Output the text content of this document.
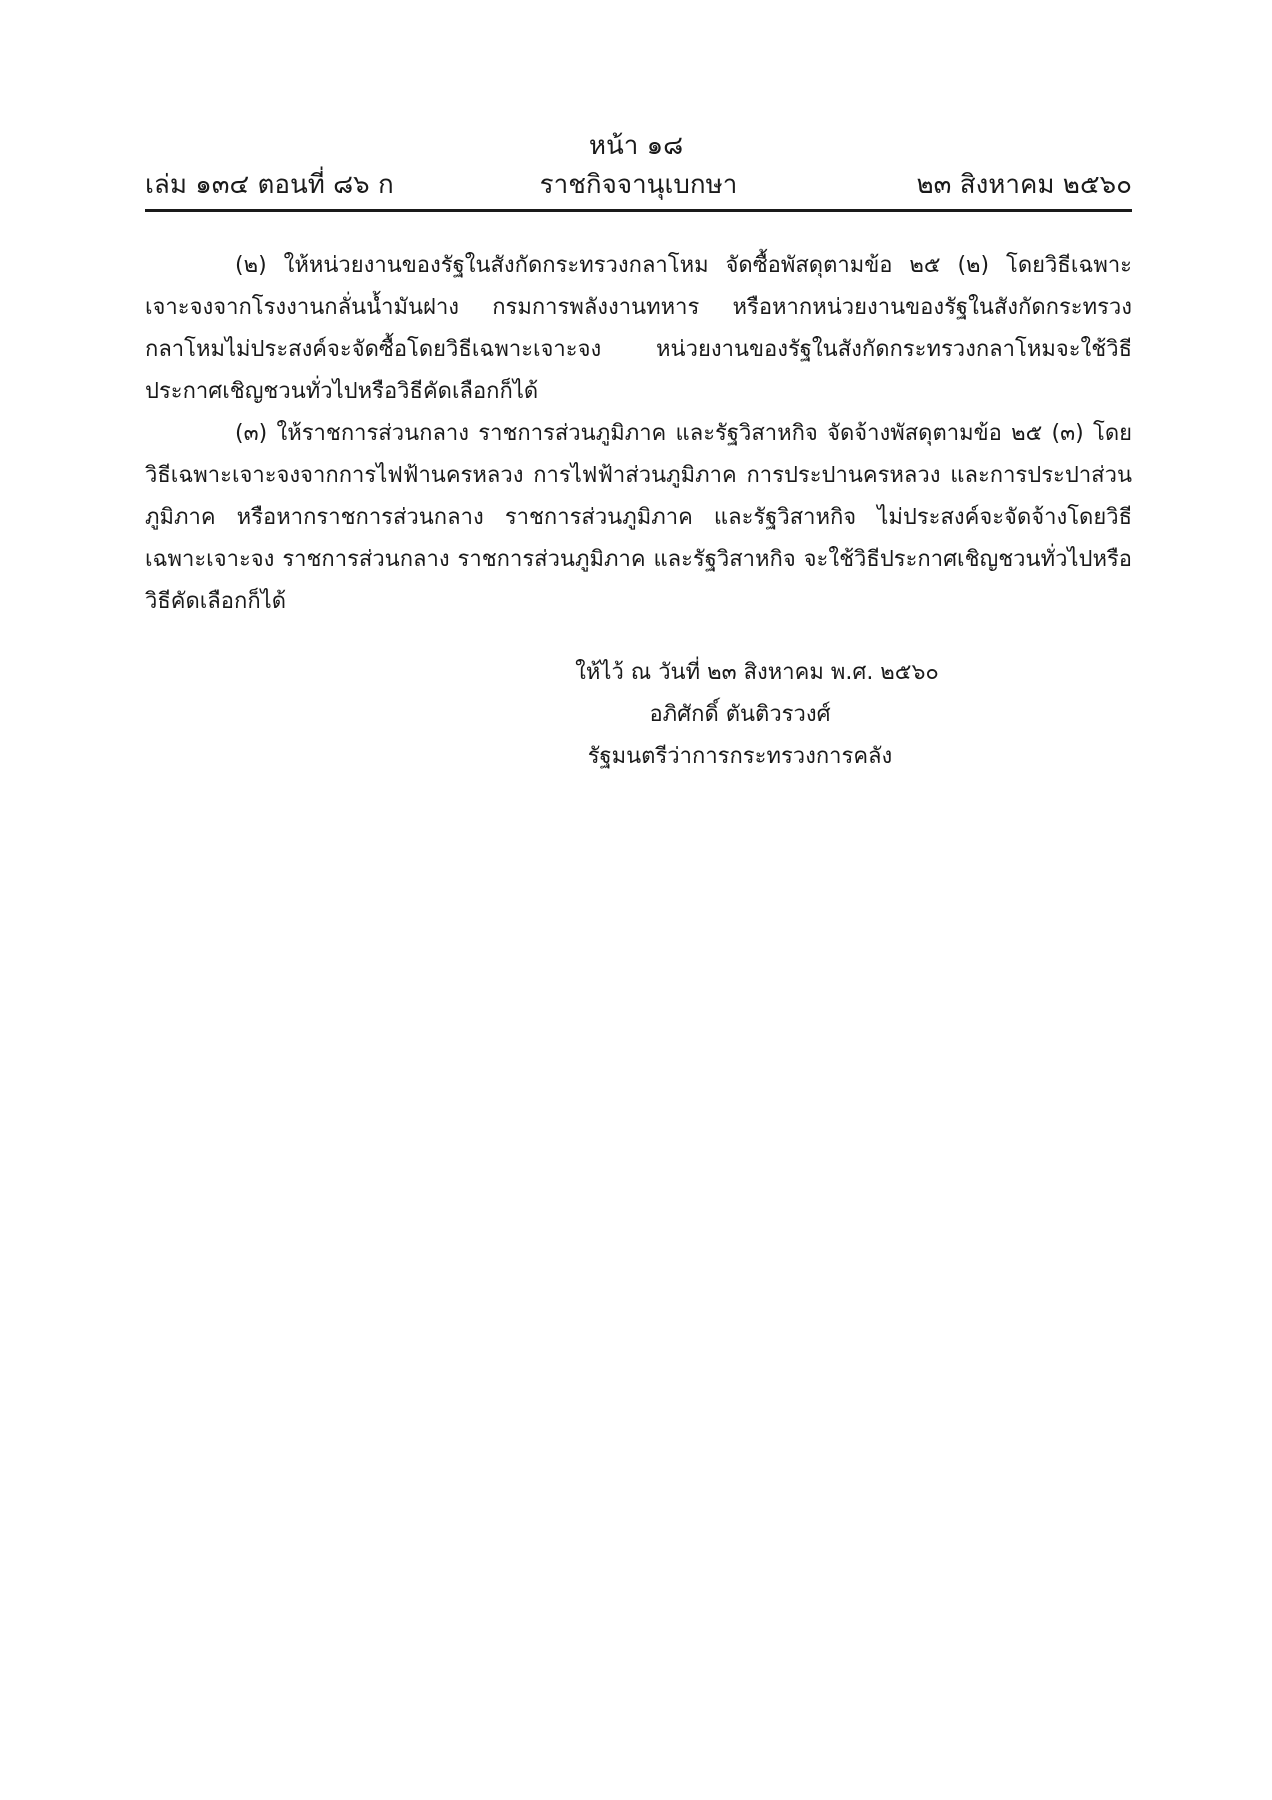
หน้า ๑๘
เล่ม ๑๓๔ ตอนที่ ๘๖ ก	ราชกิจจานุเบกษา	๒๓ สิงหาคม ๒๕๖๐

(๒) ให้หน่วยงานของรัฐในสังกัดกระทรวงกลาโหม จัดซื้อพัสดุตามข้อ ๒๕ (๒) โดยวิธีเฉพาะเจาะจงจากโรงงานกลั่นน้ำมันฝาง กรมการพลังงานทหาร หรือหากหน่วยงานของรัฐในสังกัดกระทรวงกลาโหมไม่ประสงค์จะจัดซื้อโดยวิธีเฉพาะเจาะจง หน่วยงานของรัฐในสังกัดกระทรวงกลาโหมจะใช้วิธีประกาศเชิญชวนทั่วไปหรือวิธีคัดเลือกก็ได้

(๓) ให้ราชการส่วนกลาง ราชการส่วนภูมิภาค และรัฐวิสาหกิจ จัดจ้างพัสดุตามข้อ ๒๕ (๓) โดยวิธีเฉพาะเจาะจงจากการไฟฟ้านครหลวง การไฟฟ้าส่วนภูมิภาค การประปานครหลวง และการประปาส่วนภูมิภาค หรือหากราชการส่วนกลาง ราชการส่วนภูมิภาค และรัฐวิสาหกิจ ไม่ประสงค์จะจัดจ้างโดยวิธีเฉพาะเจาะจง ราชการส่วนกลาง ราชการส่วนภูมิภาค และรัฐวิสาหกิจ จะใช้วิธีประกาศเชิญชวนทั่วไปหรือวิธีคัดเลือกก็ได้

ให้ไว้ ณ วันที่ ๒๓ สิงหาคม พ.ศ. ๒๕๖๐
อภิศักดิ์ ตันติวรวงศ์
รัฐมนตรีว่าการกระทรวงการคลัง
